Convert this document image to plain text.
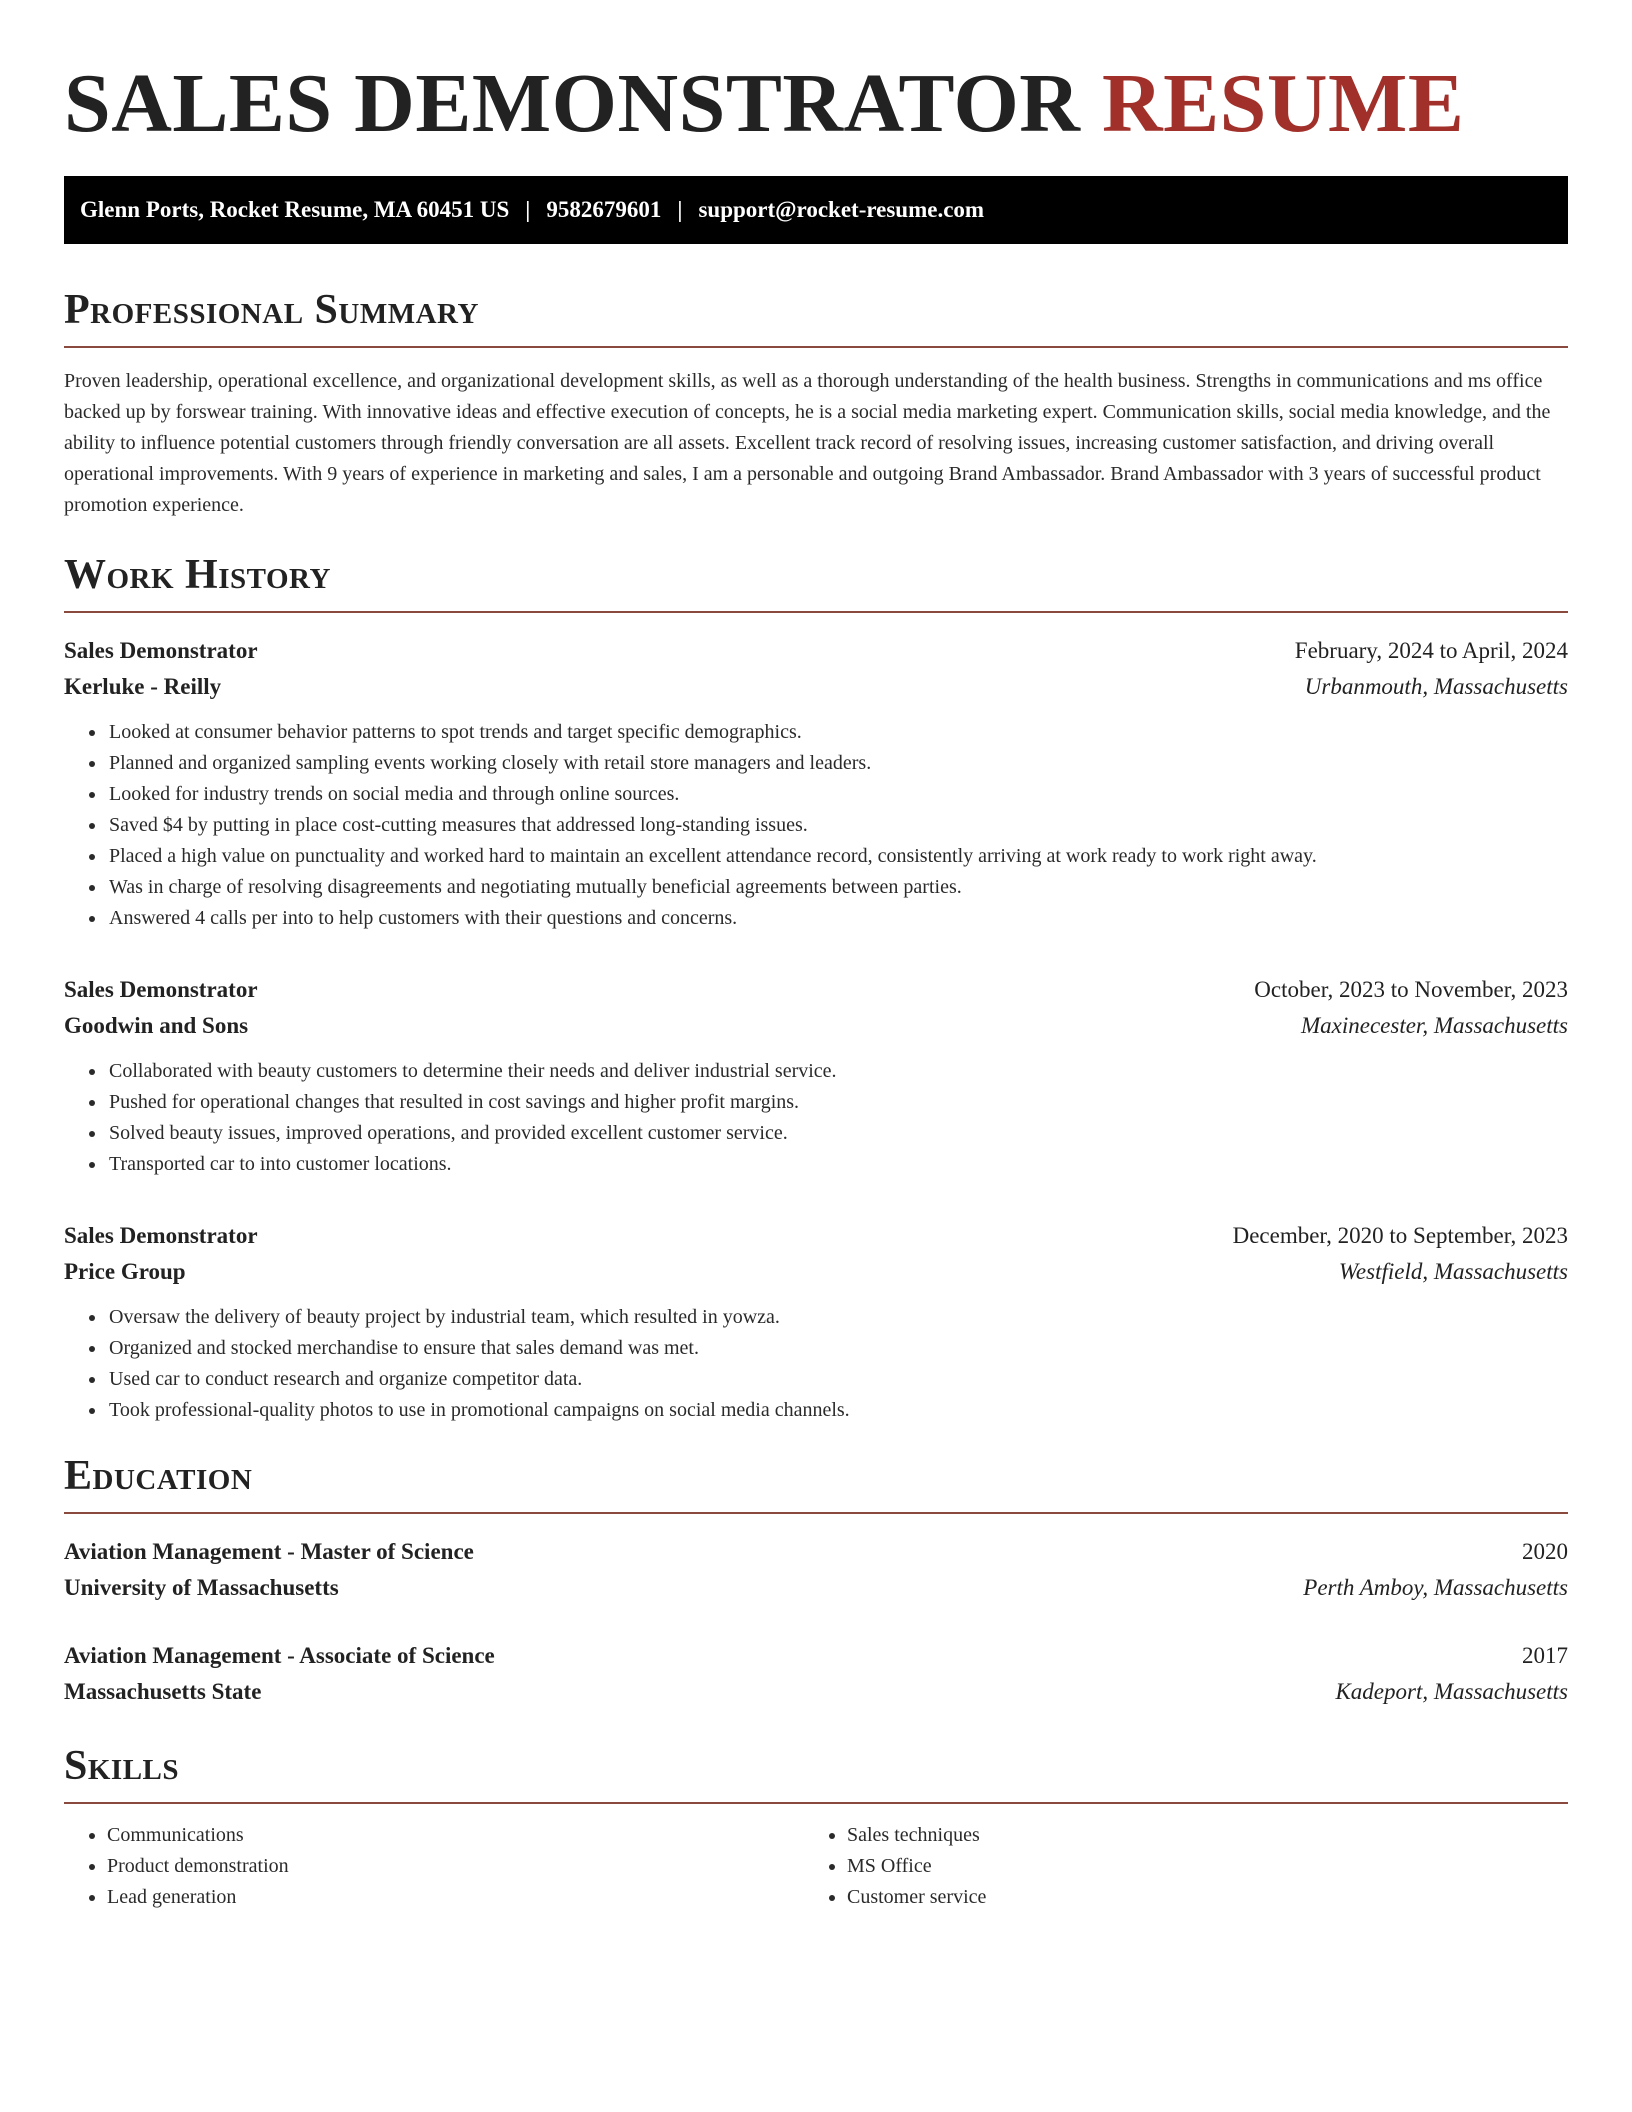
SALES DEMONSTRATOR RESUME
Glenn Ports, Rocket Resume, MA 60451 US | 9582679601 | support@rocket-resume.com
Professional Summary

Proven leadership, operational excellence, and organizational development skills, as well as a thorough understanding of the health business. Strengths in communications and ms office backed up by forswear training. With innovative ideas and effective execution of concepts, he is a social media marketing expert. Communication skills, social media knowledge, and the ability to influence potential customers through friendly conversation are all assets. Excellent track record of resolving issues, increasing customer satisfaction, and driving overall operational improvements. With 9 years of experience in marketing and sales, I am a personable and outgoing Brand Ambassador. Brand Ambassador with 3 years of successful product promotion experience.

Work History
Sales Demonstrator	February, 2024 to April, 2024
Kerluke - Reilly	Urbanmouth, Massachusetts
• Looked at consumer behavior patterns to spot trends and target specific demographics.
• Planned and organized sampling events working closely with retail store managers and leaders.
• Looked for industry trends on social media and through online sources.
• Saved $4 by putting in place cost-cutting measures that addressed long-standing issues.
• Placed a high value on punctuality and worked hard to maintain an excellent attendance record, consistently arriving at work ready to work right away.
• Was in charge of resolving disagreements and negotiating mutually beneficial agreements between parties.
• Answered 4 calls per into to help customers with their questions and concerns.
Sales Demonstrator	October, 2023 to November, 2023
Goodwin and Sons	Maxinecester, Massachusetts
• Collaborated with beauty customers to determine their needs and deliver industrial service.
• Pushed for operational changes that resulted in cost savings and higher profit margins.
• Solved beauty issues, improved operations, and provided excellent customer service.
• Transported car to into customer locations.
Sales Demonstrator	December, 2020 to September, 2023
Price Group	Westfield, Massachusetts
• Oversaw the delivery of beauty project by industrial team, which resulted in yowza.
• Organized and stocked merchandise to ensure that sales demand was met.
• Used car to conduct research and organize competitor data.
• Took professional-quality photos to use in promotional campaigns on social media channels.
Education
Aviation Management - Master of Science	2020
University of Massachusetts	Perth Amboy, Massachusetts
Aviation Management - Associate of Science	2017
Massachusetts State	Kadeport, Massachusetts
Skills
• Communications
• Product demonstration
• Lead generation
• Sales techniques
• MS Office
• Customer service
